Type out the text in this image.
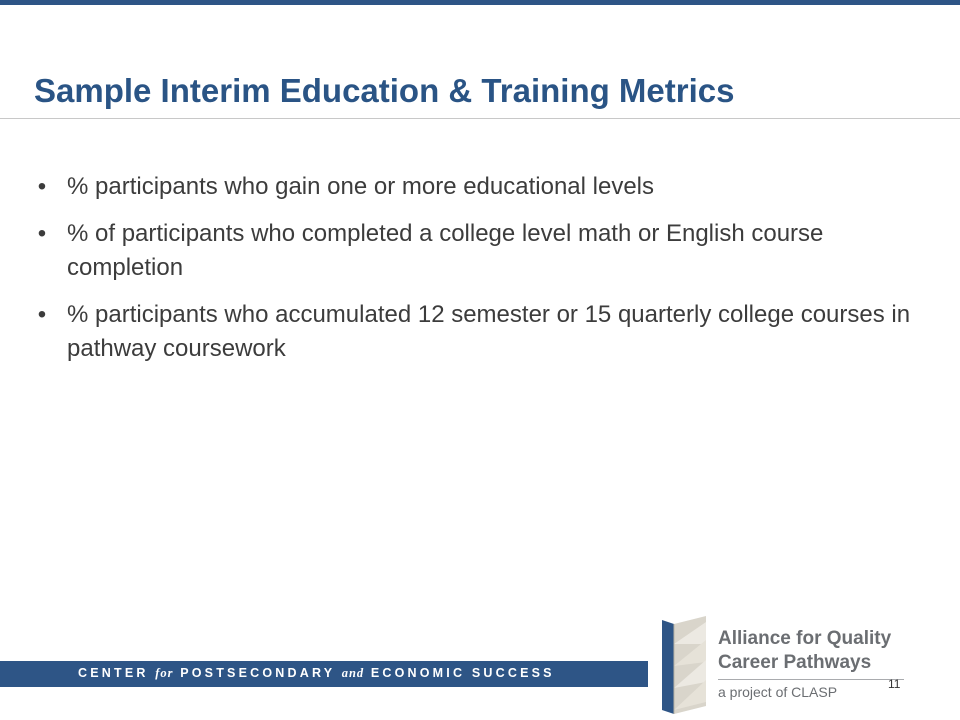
Sample Interim Education & Training Metrics
• % participants who gain one or more educational levels
• % of participants who completed a college level math or English course completion
• % participants who accumulated 12 semester or 15 quarterly college courses in pathway coursework
CENTER for POSTSECONDARY and ECONOMIC SUCCESS
Alliance for Quality
Career Pathways
a project of CLASP	11
